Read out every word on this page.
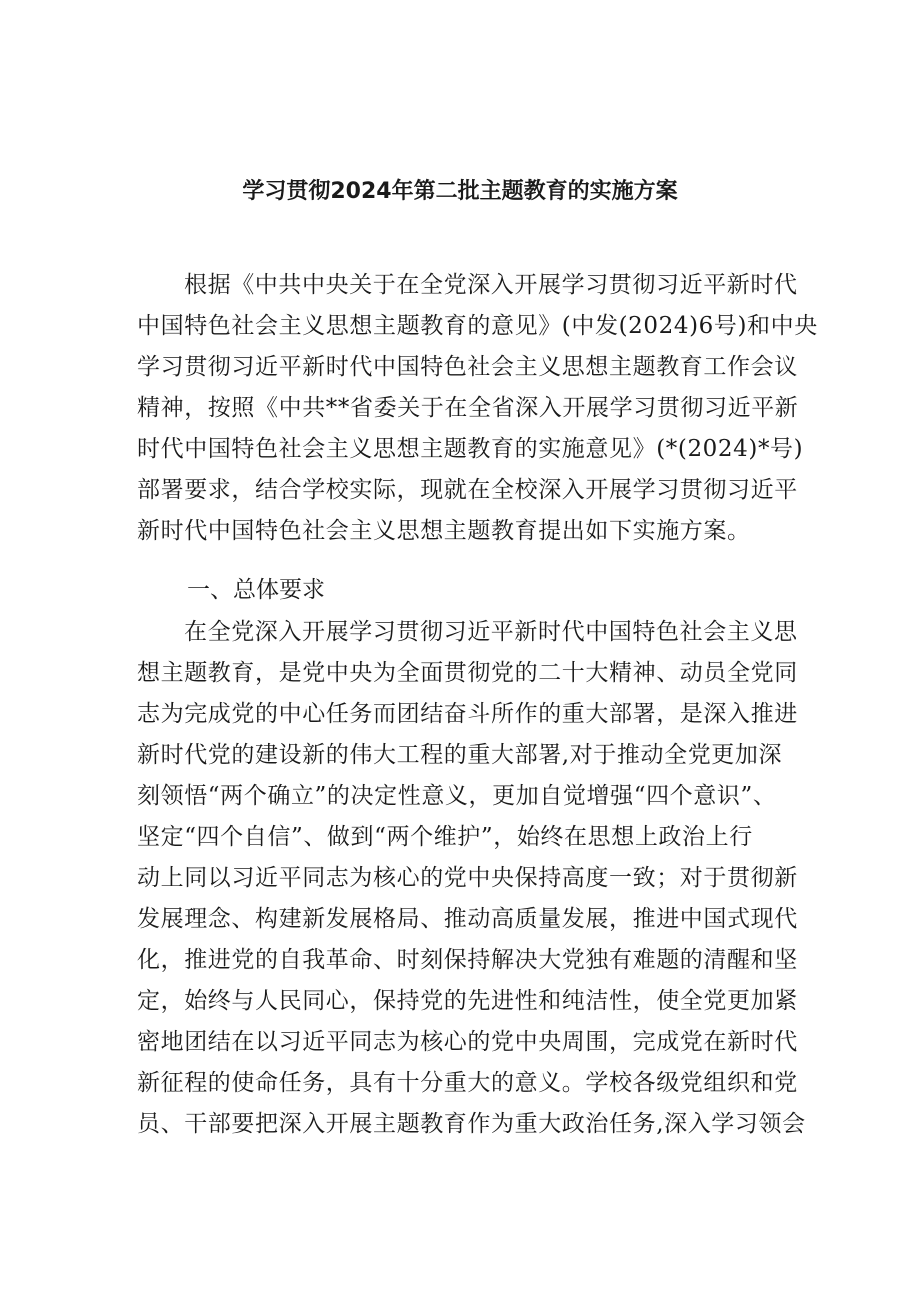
学习贯彻2024年第二批主题教育的实施方案
根据《中共中央关于在全党深入开展学习贯彻习近平新时代
中国特色社会主义思想主题教育的意见》(中发(2024)6号)和中央
学习贯彻习近平新时代中国特色社会主义思想主题教育工作会议
精神，按照《中共**省委关于在全省深入开展学习贯彻习近平新
时代中国特色社会主义思想主题教育的实施意见》(*(2024)*号)
部署要求，结合学校实际，现就在全校深入开展学习贯彻习近平
新时代中国特色社会主义思想主题教育提出如下实施方案。
一、总体要求
在全党深入开展学习贯彻习近平新时代中国特色社会主义思
想主题教育，是党中央为全面贯彻党的二十大精神、动员全党同
志为完成党的中心任务而团结奋斗所作的重大部署，是深入推进
新时代党的建设新的伟大工程的重大部署,对于推动全党更加深
刻领悟“两个确立”的决定性意义，更加自觉增强“四个意识”、
坚定“四个自信”、做到“两个维护”，始终在思想上政治上行
动上同以习近平同志为核心的党中央保持高度一致；对于贯彻新
发展理念、构建新发展格局、推动高质量发展，推进中国式现代
化，推进党的自我革命、时刻保持解决大党独有难题的清醒和坚
定，始终与人民同心，保持党的先进性和纯洁性，使全党更加紧
密地团结在以习近平同志为核心的党中央周围，完成党在新时代
新征程的使命任务，具有十分重大的意义。学校各级党组织和党
员、干部要把深入开展主题教育作为重大政治任务,深入学习领会
